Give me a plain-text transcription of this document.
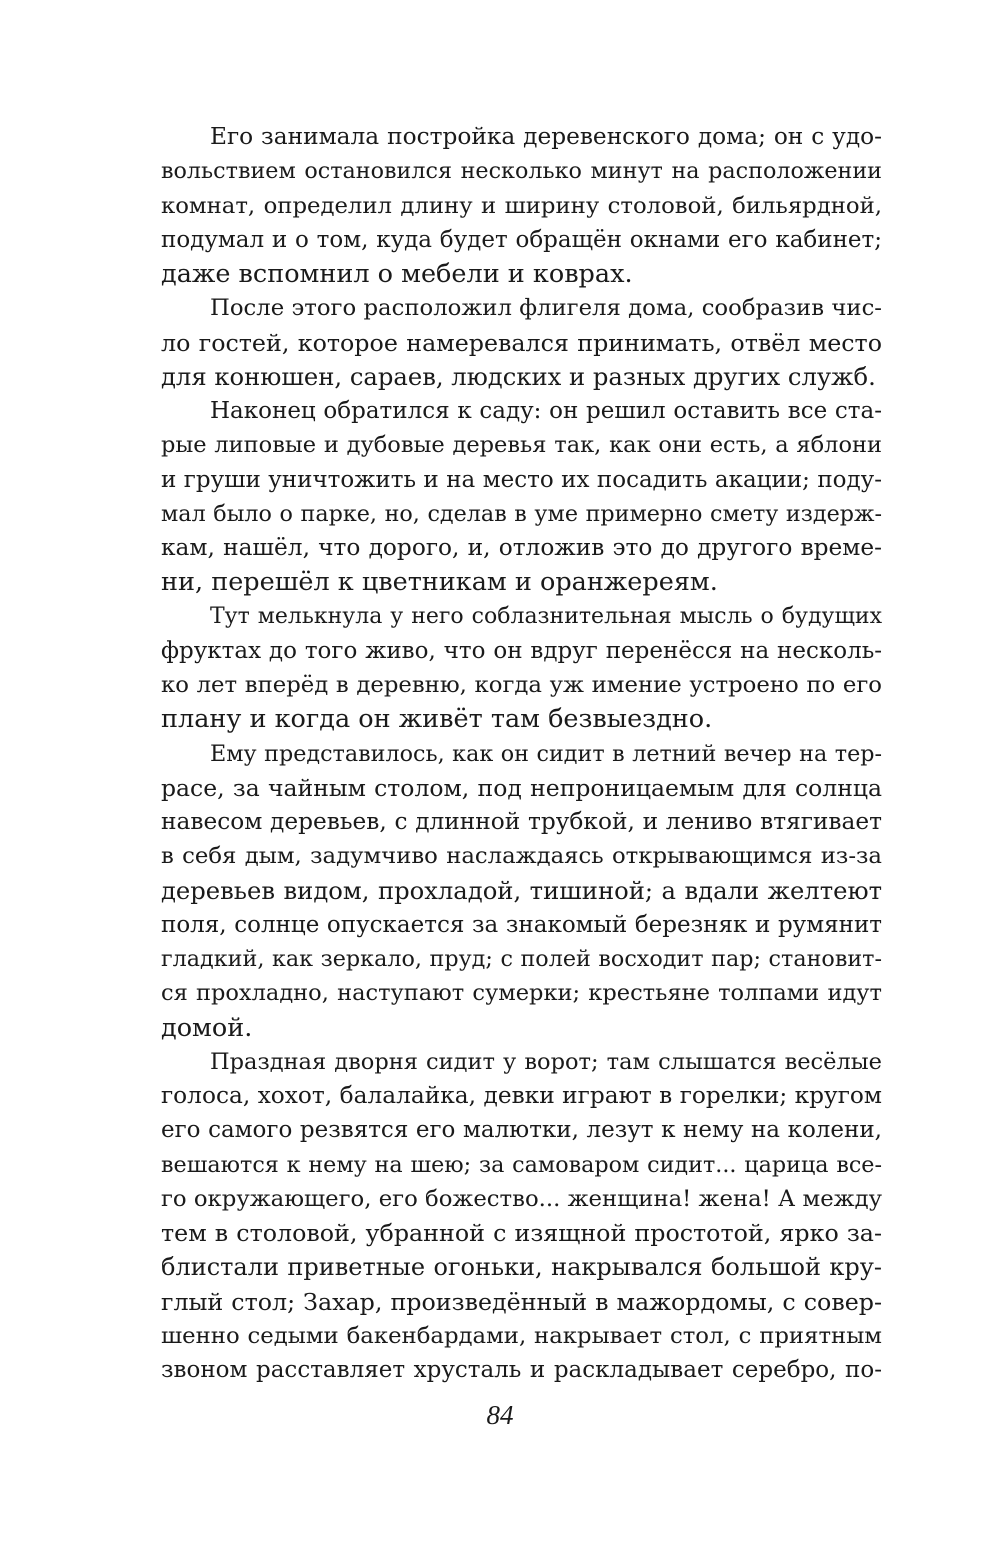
Его занимала постройка деревенского дома; он с удо-
вольствием остановился несколько минут на расположении
комнат, определил длину и ширину столовой, бильярдной,
подумал и о том, куда будет обращён окнами его кабинет;
даже вспомнил о мебели и коврах.
После этого расположил флигеля дома, сообразив чис-
ло гостей, которое намеревался принимать, отвёл место
для конюшен, сараев, людских и разных других служб.
Наконец обратился к саду: он решил оставить все ста-
рые липовые и дубовые деревья так, как они есть, а яблони
и груши уничтожить и на место их посадить акации; поду-
мал было о парке, но, сделав в уме примерно смету издерж-
кам, нашёл, что дорого, и, отложив это до другого време-
ни, перешёл к цветникам и оранжереям.
Тут мелькнула у него соблазнительная мысль о будущих
фруктах до того живо, что он вдруг перенёсся на несколь-
ко лет вперёд в деревню, когда уж имение устроено по его
плану и когда он живёт там безвыездно.
Ему представилось, как он сидит в летний вечер на тер-
расе, за чайным столом, под непроницаемым для солнца
навесом деревьев, с длинной трубкой, и лениво втягивает
в себя дым, задумчиво наслаждаясь открывающимся из-за
деревьев видом, прохладой, тишиной; а вдали желтеют
поля, солнце опускается за знакомый березняк и румянит
гладкий, как зеркало, пруд; с полей восходит пар; становит-
ся прохладно, наступают сумерки; крестьяне толпами идут
домой.
Праздная дворня сидит у ворот; там слышатся весёлые
голоса, хохот, балалайка, девки играют в горелки; кругом
его самого резвятся его малютки, лезут к нему на колени,
вешаются к нему на шею; за самоваром сидит... царица все-
го окружающего, его божество... женщина! жена! А между
тем в столовой, убранной с изящной простотой, ярко за-
блистали приветные огоньки, накрывался большой кру-
глый стол; Захар, произведённый в мажордомы, с совер-
шенно седыми бакенбардами, накрывает стол, с приятным
звоном расставляет хрусталь и раскладывает серебро, по-
84
